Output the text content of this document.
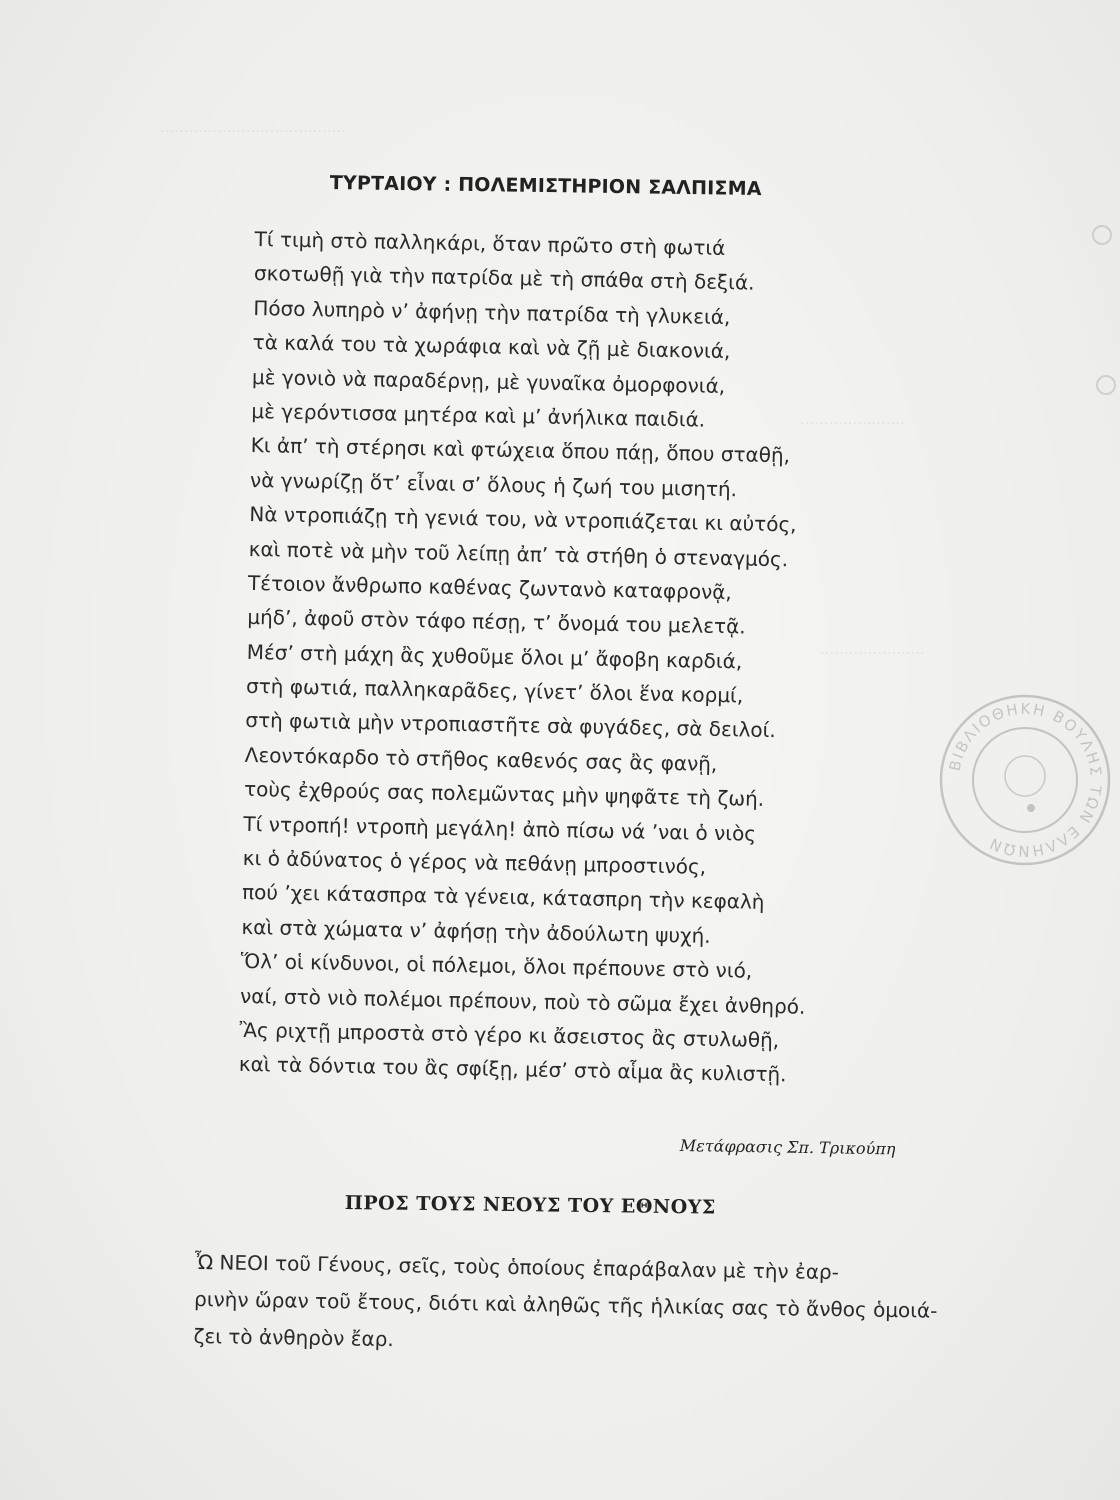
.......................................
......................
......................
ΤΥΡΤΑΙΟΥ : ΠΟΛΕΜΙΣΤΗΡΙΟΝ ΣΑΛΠΙΣΜΑ
Τί τιμὴ στὸ παλληκάρι, ὅταν πρῶτο στὴ φωτιά
σκοτωθῇ γιὰ τὴν πατρίδα μὲ τὴ σπάθα στὴ δεξιά.
Πόσο λυπηρὸ ν’ ἀφήνῃ τὴν πατρίδα τὴ γλυκειά,
τὰ καλά του τὰ χωράφια καὶ νὰ ζῇ μὲ διακονιά,
μὲ γονιὸ νὰ παραδέρνῃ, μὲ γυναῖκα ὀμορφονιά,
μὲ γερόντισσα μητέρα καὶ μ’ ἀνήλικα παιδιά.
Κι ἀπ’ τὴ στέρησι καὶ φτώχεια ὅπου πάῃ, ὅπου σταθῇ,
νὰ γνωρίζῃ ὅτ’ εἶναι σ’ ὅλους ἡ ζωή του μισητή.
Νὰ ντροπιάζῃ τὴ γενιά του, νὰ ντροπιάζεται κι αὐτός,
καὶ ποτὲ νὰ μὴν τοῦ λείπῃ ἀπ’ τὰ στήθη ὁ στεναγμός.
Τέτοιον ἄνθρωπο καθένας ζωντανὸ καταφρονᾷ,
μήδ’, ἀφοῦ στὸν τάφο πέσῃ, τ’ ὄνομά του μελετᾷ.
Μέσ’ στὴ μάχη ἂς χυθοῦμε ὅλοι μ’ ἄφοβη καρδιά,
στὴ φωτιά, παλληκαρᾶδες, γίνετ’ ὅλοι ἕνα κορμί,
στὴ φωτιὰ μὴν ντροπιαστῆτε σὰ φυγάδες, σὰ δειλοί.
Λεοντόκαρδο τὸ στῆθος καθενός σας ἂς φανῇ,
τοὺς ἐχθρούς σας πολεμῶντας μὴν ψηφᾶτε τὴ ζωή.
Τί ντροπή! ντροπὴ μεγάλη! ἀπὸ πίσω νά ’ναι ὁ νιὸς
κι ὁ ἀδύνατος ὁ γέρος νὰ πεθάνῃ μπροστινός,
πού ’χει κάτασπρα τὰ γένεια, κάτασπρη τὴν κεφαλὴ
καὶ στὰ χώματα ν’ ἀφήσῃ τὴν ἀδούλωτη ψυχή.
Ὅλ’ οἱ κίνδυνοι, οἱ πόλεμοι, ὅλοι πρέπουνε στὸ νιό,
ναί, στὸ νιὸ πολέμοι πρέπουν, ποὺ τὸ σῶμα ἔχει ἀνθηρό.
Ἂς ριχτῇ μπροστὰ στὸ γέρο κι ἄσειστος ἂς στυλωθῇ,
καὶ τὰ δόντια του ἂς σφίξῃ, μέσ’ στὸ αἷμα ἂς κυλιστῇ.
Μετάφρασις Σπ. Τρικούπη
ΠΡΟΣ ΤΟΥΣ ΝΕΟΥΣ ΤΟΥ ΕΘΝΟΥΣ
Ὦ ΝΕΟΙ τοῦ Γένους, σεῖς, τοὺς ὁποίους ἐπαράβαλαν μὲ τὴν ἐαρ-
ρινὴν ὥραν τοῦ ἔτους, διότι καὶ ἀληθῶς τῆς ἡλικίας σας τὸ ἄνθος ὁμοιά-
ζει τὸ ἀνθηρὸν ἔαρ.
ΒΙΒΛΙΟΘΗΚΗ ΒΟΥΛΗΣ ΤΩΝ ΕΛΛΗΝΩΝ
